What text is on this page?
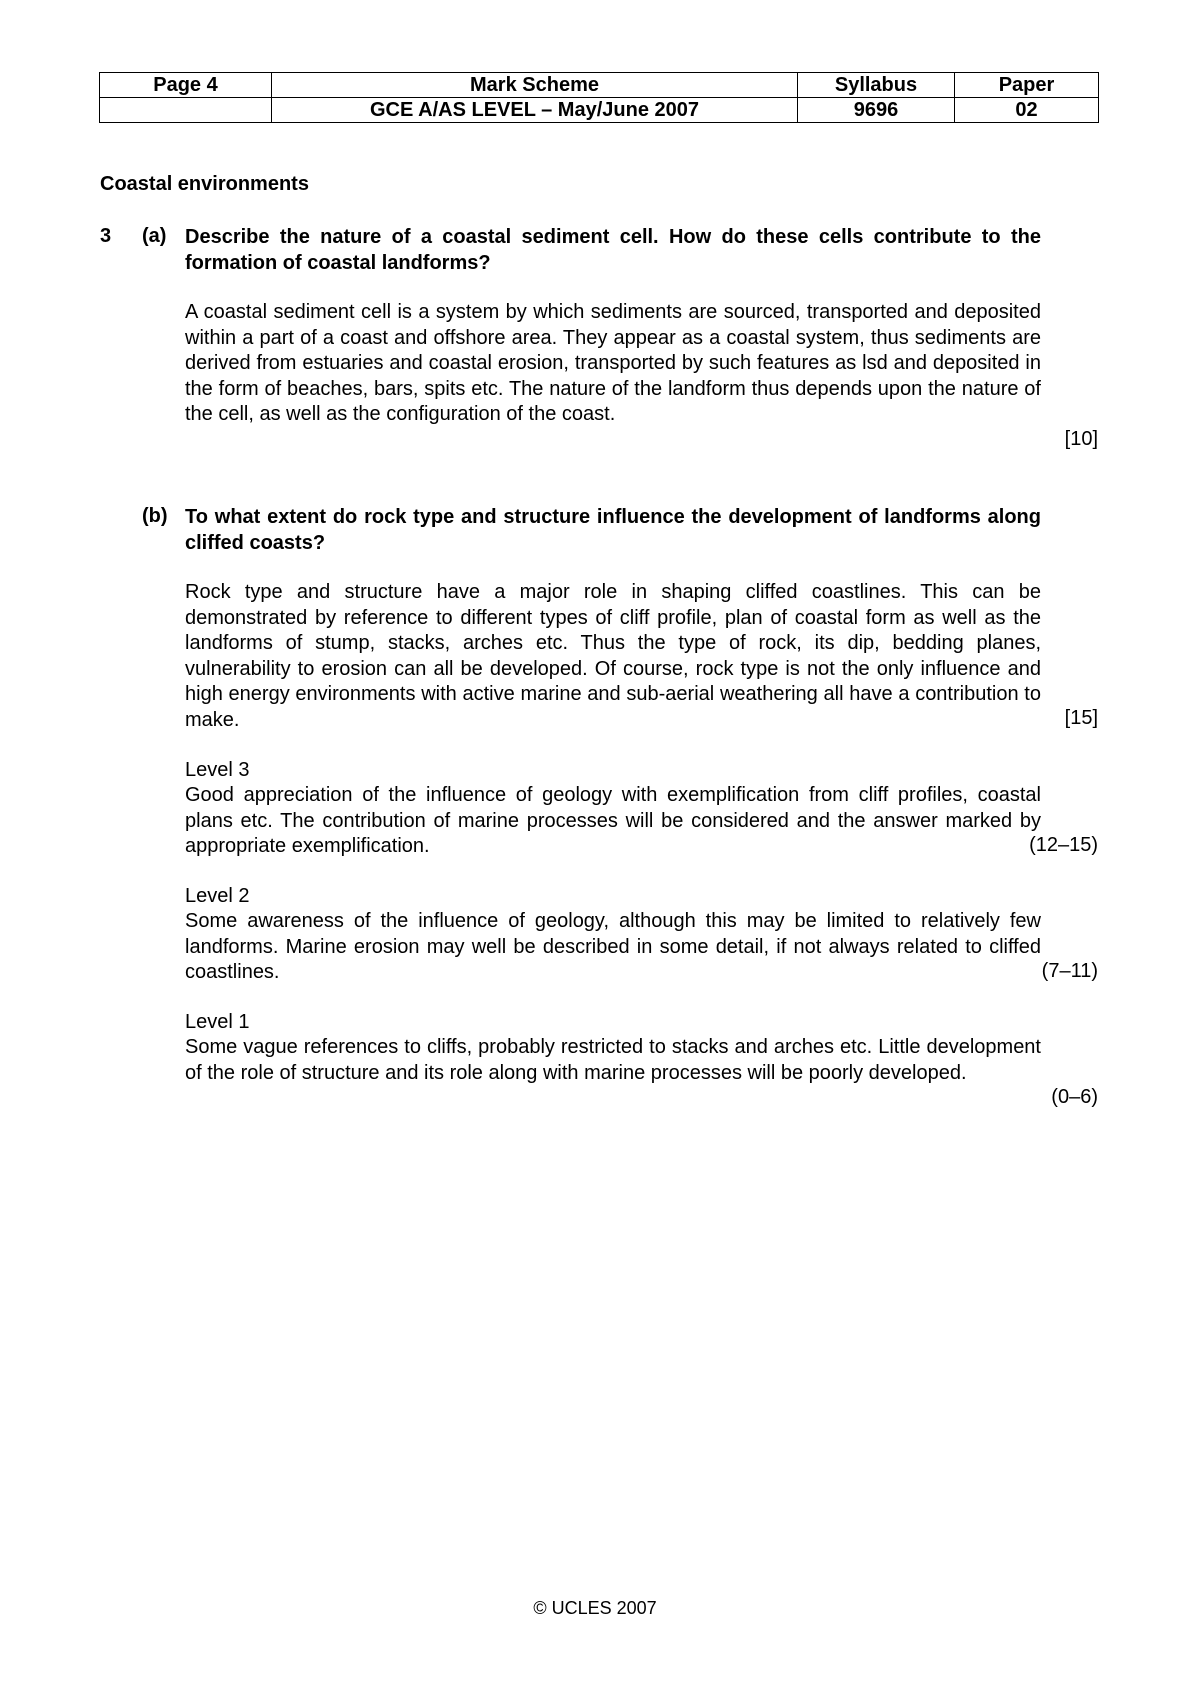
Page 4	Mark Scheme	Syllabus	Paper
	GCE A/AS LEVEL – May/June 2007	9696	02
Coastal environments
3 (a) Describe the nature of a coastal sediment cell. How do these cells contribute to the formation of coastal landforms?
A coastal sediment cell is a system by which sediments are sourced, transported and deposited within a part of a coast and offshore area. They appear as a coastal system, thus sediments are derived from estuaries and coastal erosion, transported by such features as lsd and deposited in the form of beaches, bars, spits etc. The nature of the landform thus depends upon the nature of the cell, as well as the configuration of the coast.
[10]
(b) To what extent do rock type and structure influence the development of landforms along cliffed coasts?
Rock type and structure have a major role in shaping cliffed coastlines. This can be demonstrated by reference to different types of cliff profile, plan of coastal form as well as the landforms of stump, stacks, arches etc. Thus the type of rock, its dip, bedding planes, vulnerability to erosion can all be developed. Of course, rock type is not the only influence and high energy environments with active marine and sub-aerial weathering all have a contribution to make.	[15]
Level 3
Good appreciation of the influence of geology with exemplification from cliff profiles, coastal plans etc. The contribution of marine processes will be considered and the answer marked by appropriate exemplification.	(12–15)
Level 2
Some awareness of the influence of geology, although this may be limited to relatively few landforms. Marine erosion may well be described in some detail, if not always related to cliffed coastlines.	(7–11)
Level 1
Some vague references to cliffs, probably restricted to stacks and arches etc. Little development of the role of structure and its role along with marine processes will be poorly developed.
(0–6)
© UCLES 2007
